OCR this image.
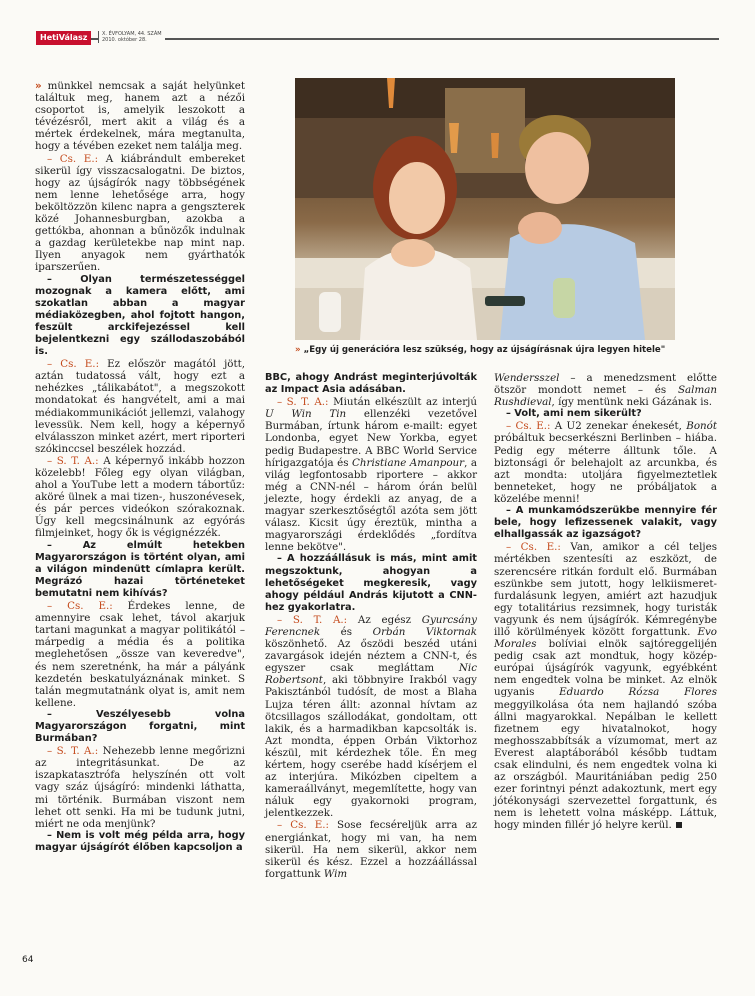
HetiVálasz	X. ÉVFOLYAM, 44. SZÁM
2010. október 28.

» münkkel nemcsak a saját helyünket találtuk meg, hanem azt a nézői csoportot is, amelyik leszokott a tévézésről, mert akit a világ és a mértek érdekelnek, márа megtanulta, hogy a tévében ezeket nem találja meg.

– Cs. E.: A kiábrándult embereket sikerül így visszacsalogatni. De biztos, hogy az újságírók nagy többségének nem lenne lehetősége arra, hogy beköltözzön kilenc napra a gengszterek közé Johannesburgban, azokba a gettókba, ahonnan a bűnözők indulnak a gazdag kerületekbe nap mint nap. Ilyen anyagok nem gyárthatók iparszerűen.

– Olyan természetességgel mozognak a kamera előtt, ami szokatlan abban a magyar médiaközegben, ahol fojtott hangon, feszült arckifejezéssel kell bejelentkezni egy szállodaszobából is.

– Cs. E.: Ez először magától jött, aztán tudatossá vált, hogy ezt a nehézkes „tálikabátot", a megszokott mondatokat és hangvételt, ami a mai médiakommunikációt jellemzi, valahogy levessük. Nem kell, hogy a képernyő elválasszon minket azért, mert riporteri szókinccsel beszélek hozzád.

– S. T. A.: A képernyő inkább hozzon közelebb! Főleg egy olyan világban, ahol a YouTube lett a modern tábortűz: aköré ülnek a mai tizen-, huszonévesek, és pár perces videókon szórakoznak. Úgy kell megcsinálnunk az egyórás filmjeinket, hogy ők is végignézzék.

– Az elmúlt hetekben Magyarországon is történt olyan, ami a világon mindenütt címlapra került. Megrázó hazai történeteket bemutatni nem kihívás?

– Cs. E.: Érdekes lenne, de amennyire csak lehet, távol akarjuk tartani magunkat a magyar politikától – márpedig a média és a politika meglehetősen „össze van keveredve", és nem szeretnénk, ha már a pályánk kezdetén beskatulyáznának minket. S talán megmutatnánk olyat is, amit nem kellene.

– Veszélyesebb volna Magyarországon forgatni, mint Burmában?

– S. T. A.: Nehezebb lenne megőrizni az integritásunkat. De az iszapkatasztrófa helyszínén ott volt vagy száz újságíró: mindenki láthatta, mi történik. Burmában viszont nem lehet ott senki. Ha mi be tudunk jutni, miért ne oda menjünk?

– Nem is volt még példa arra, hogy magyar újságírót élőben kapcsoljon a

» „Egy új generációra lesz szükség, hogy az újságírásnak újra legyen hitele"

BBC, ahogy Andrást meginterjúvolták az Impact Asia adásában.

– S. T. A.: Miután elkészült az interjú U Win Tin ellenzéki vezetővel Burmában, írtunk három e-mailt: egyet Londonba, egyet New Yorkba, egyet pedig Budapestre. A BBC World Service hírigazgatója és Christiane Amanpour, a világ legfontosabb riportere – akkor még a CNN-nél – három órán belül jelezte, hogy érdekli az anyag, de a magyar szerkesztőségtől azóta sem jött válasz. Kicsit úgy éreztük, mintha a magyarországi érdeklődés „fordítva lenne bekötve".

– A hozzáállásuk is más, mint amit megszoktunk, ahogyan a lehetőségeket megkeresik, vagy ahogy például András kijutott a CNN-hez gyakorlatra.

– S. T. A.: Az egész Gyurcsány Ferencnek és Orbán Viktornak köszönhető. Az őszödi beszéd utáni zavargások idején néztem a CNN-t, és egyszer csak megláttam Nic Robertsont, aki többnyire Irakból vagy Pakisztánból tudósít, de most a Blaha Lujza téren állt: azonnal hívtam az ötcsillagos szállodákat, gondoltam, ott lakik, és a harmadikban kapcsolták is. Azt mondta, éppen Orbán Viktorhoz készül, mit kérdezhek tőle. Én meg kértem, hogy cserébe hadd kísérjem el az interjúra. Mikózben cipeltem a kameraállványt, megemlítette, hogy van náluk egy gyakornoki program, jelentkezzek.

– Cs. E.: Sose fecséreljük arra az energiánkat, hogy mi van, ha nem sikerül. Ha nem sikerül, akkor nem sikerül és kész. Ezzel a hozzáállással forgattunk Wim

Wendersszel – a menedzsment előtte ötször mondott nemet – és Salman Rushdieval, így mentünk neki Gázának is.

– Volt, ami nem sikerült?

– Cs. E.: A U2 zenekar énekesét, Bonót próbáltuk becserkészni Berlinben – hiába. Pedig egy méterre álltunk tőle. A biztonsági őr belehajolt az arcunkba, és azt mondta: utoljára figyelmeztetlek benneteket, hogy ne próbáljatok a közelébe menni!

– A munkamódszerükbe mennyire fér bele, hogy lefizessenek valakit, vagy elhallgassák az igazságot?

– Cs. E.: Van, amikor a cél teljes mértékben szentesíti az eszközt, de szerencsére ritkán fordult elő. Burmában eszünkbe sem jutott, hogy lelkiismeret-furdalásunk legyen, amiért azt hazudjuk egy totalitárius rezsimnek, hogy turisták vagyunk és nem újságírók. Kémregénybe illő körülmények között forgattunk. Evo Morales bolíviai elnök sajtóreggelijén pedig csak azt mondtuk, hogy közép-európai újságírók vagyunk, egyébként nem engedtek volna be minket. Az elnök ugyanis Eduardo Rózsa Flores meggyilkolása óta nem hajlandó szóba állni magyarokkal. Nepálban le kellett fizetnem egy hivatalnokot, hogy meghosszabbítsák a vízumomat, mert az Everest alaptáborából később tudtam csak elindulni, és nem engedtek volna ki az országból. Mauritániában pedig 250 ezer forintnyi pénzt adakoztunk, mert egy jótékonysági szervezettel forgattunk, és nem is lehetett volna másképp. Láttuk, hogy minden fillér jó helyre kerül.

64
